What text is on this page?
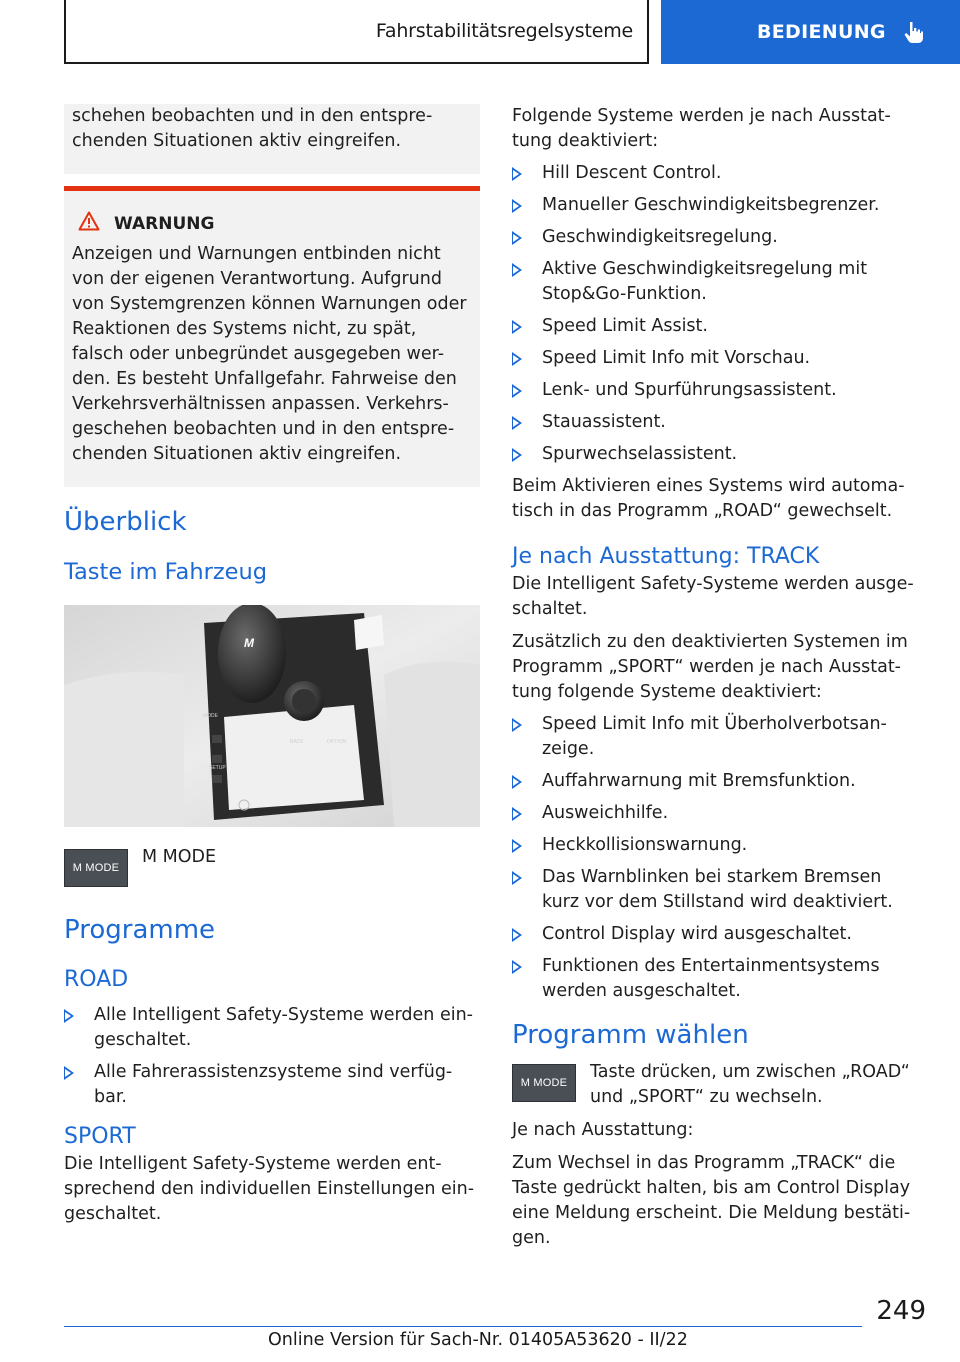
Fahrstabilitätsregelsysteme	BEDIENUNG

schehen beobachten und in den entspre-chenden Situationen aktiv eingreifen.

WARNUNG

Anzeigen und Warnungen entbinden nicht von der eigenen Verantwortung. Aufgrund von Systemgrenzen können Warnungen oder Reaktionen des Systems nicht, zu spät, falsch oder unbegründet ausgegeben wer-den. Es besteht Unfallgefahr. Fahrweise den Verkehrsverhältnissen anpassen. Verkehrs-geschehen beobachten und in den entspre-chenden Situationen aktiv eingreifen.

Überblick
Taste im Fahrzeug
M
MODE
SETUP
OPTION
BACK
M MODE

M MODE

Programme
ROAD
Alle Intelligent Safety-Systeme werden ein-geschaltet.
Alle Fahrerassistenzsysteme sind verfüg-bar.
SPORT

Die Intelligent Safety-Systeme werden ent-sprechend den individuellen Einstellungen ein-geschaltet.

Folgende Systeme werden je nach Ausstat-tung deaktiviert:

Hill Descent Control.
Manueller Geschwindigkeitsbegrenzer.
Geschwindigkeitsregelung.
Aktive Geschwindigkeitsregelung mit Stop&Go-Funktion.
Speed Limit Assist.
Speed Limit Info mit Vorschau.
Lenk- und Spurführungsassistent.
Stauassistent.
Spurwechselassistent.

Beim Aktivieren eines Systems wird automa-tisch in das Programm „ROAD“ gewechselt.

Je nach Ausstattung: TRACK

Die Intelligent Safety-Systeme werden ausge-schaltet.

Zusätzlich zu den deaktivierten Systemen im Programm „SPORT“ werden je nach Ausstat-tung folgende Systeme deaktiviert:

Speed Limit Info mit Überholverbotsan-zeige.
Auffahrwarnung mit Bremsfunktion.
Ausweichhilfe.
Heckkollisionswarnung.
Das Warnblinken bei starkem Bremsen kurz vor dem Stillstand wird deaktiviert.
Control Display wird ausgeschaltet.
Funktionen des Entertainmentsystems werden ausgeschaltet.
Programm wählen
M MODE

Taste drücken, um zwischen „ROAD“ und „SPORT“ zu wechseln.

Je nach Ausstattung:

Zum Wechsel in das Programm „TRACK“ die Taste gedrückt halten, bis am Control Display eine Meldung erscheint. Die Meldung bestäti-gen.

249
Online Version für Sach-Nr. 01405A53620 - II/22
